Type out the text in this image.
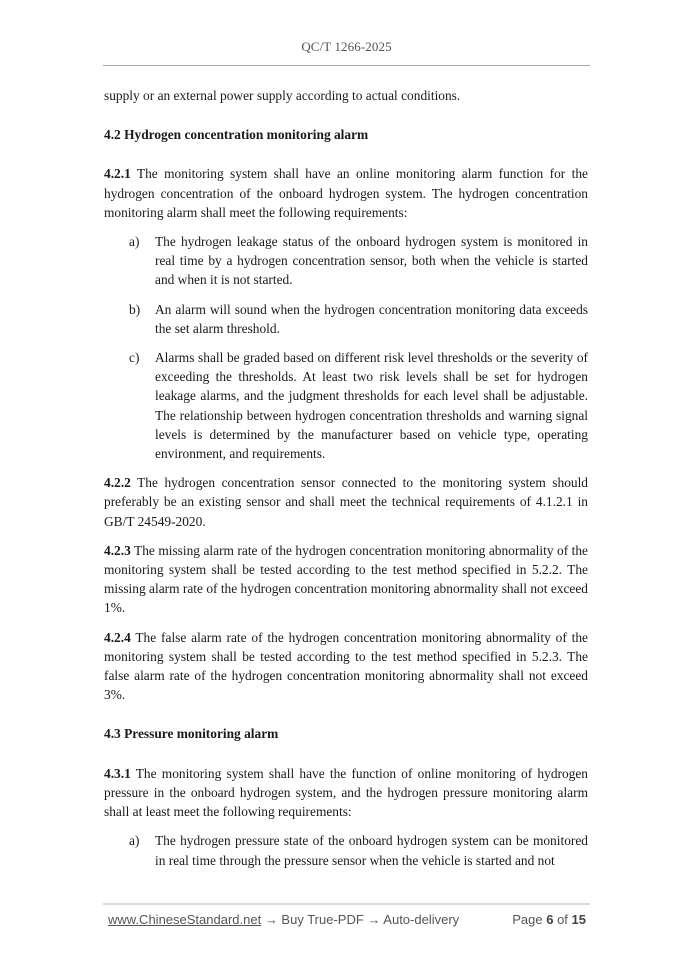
QC/T 1266-2025

supply or an external power supply according to actual conditions.

4.2 Hydrogen concentration monitoring alarm

4.2.1 The monitoring system shall have an online monitoring alarm function for the hydrogen concentration of the onboard hydrogen system. The hydrogen concentration monitoring alarm shall meet the following requirements:

a) The hydrogen leakage status of the onboard hydrogen system is monitored in real time by a hydrogen concentration sensor, both when the vehicle is started and when it is not started.
b) An alarm will sound when the hydrogen concentration monitoring data exceeds the set alarm threshold.
c) Alarms shall be graded based on different risk level thresholds or the severity of exceeding the thresholds. At least two risk levels shall be set for hydrogen leakage alarms, and the judgment thresholds for each level shall be adjustable. The relationship between hydrogen concentration thresholds and warning signal levels is determined by the manufacturer based on vehicle type, operating environment, and requirements.

4.2.2 The hydrogen concentration sensor connected to the monitoring system should preferably be an existing sensor and shall meet the technical requirements of 4.1.2.1 in GB/T 24549-2020.

4.2.3 The missing alarm rate of the hydrogen concentration monitoring abnormality of the monitoring system shall be tested according to the test method specified in 5.2.2. The missing alarm rate of the hydrogen concentration monitoring abnormality shall not exceed 1%.

4.2.4 The false alarm rate of the hydrogen concentration monitoring abnormality of the monitoring system shall be tested according to the test method specified in 5.2.3. The false alarm rate of the hydrogen concentration monitoring abnormality shall not exceed 3%.

4.3 Pressure monitoring alarm

4.3.1 The monitoring system shall have the function of online monitoring of hydrogen pressure in the onboard hydrogen system, and the hydrogen pressure monitoring alarm shall at least meet the following requirements:

a) The hydrogen pressure state of the onboard hydrogen system can be monitored in real time through the pressure sensor when the vehicle is started and not
www.ChineseStandard.net → Buy True-PDF → Auto-delivery	Page 6 of 15
